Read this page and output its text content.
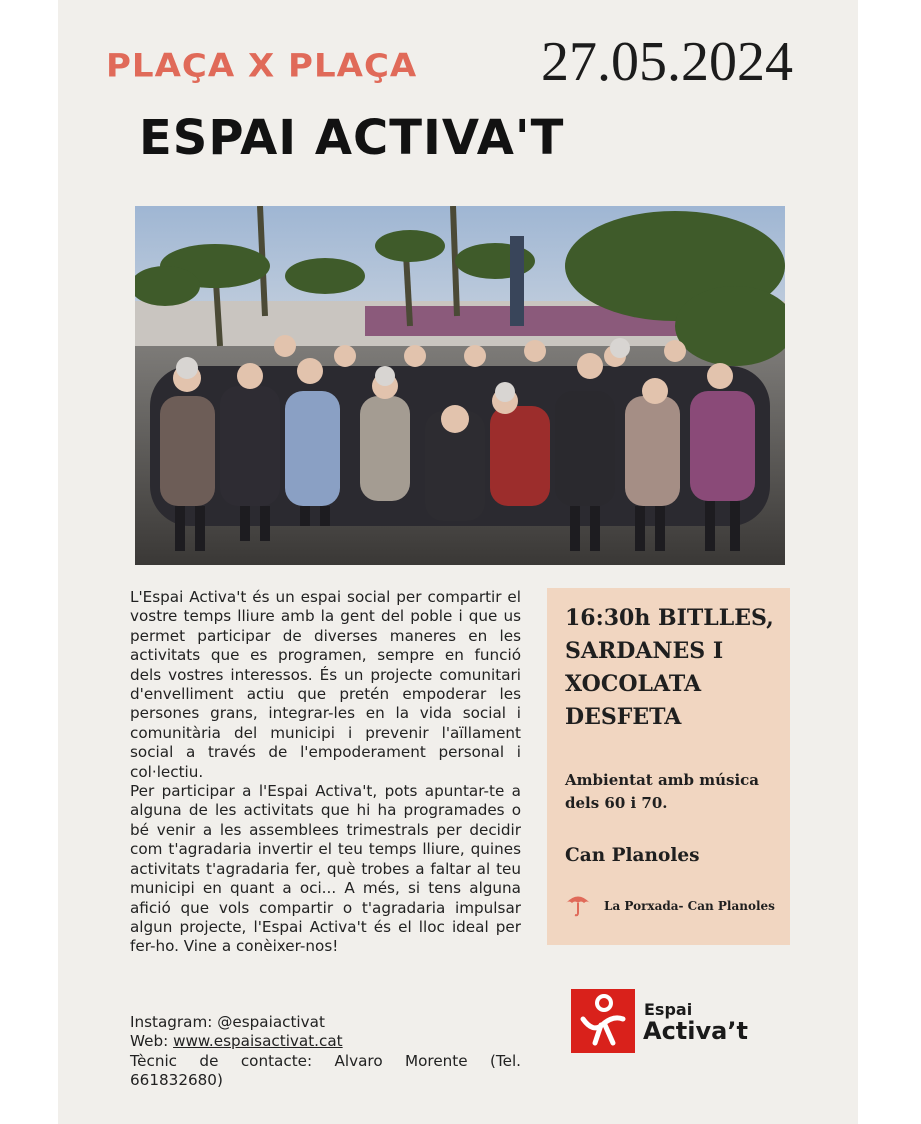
PLAÇA X PLAÇA 27.05.2024
ESPAI ACTIVA'T

L'Espai Activa't és un espai social per compartir el vostre temps lliure amb la gent del poble i que us permet participar de diverses maneres en les activitats que es programen, sempre en funció dels vostres interessos. És un projecte comunitari d'envelliment actiu que pretén empoderar les persones grans, integrar-les en la vida social i comunitària del municipi i prevenir l'aïllament social a través de l'empoderament personal i col·lectiu.

Per participar a l'Espai Activa't, pots apuntar-te a alguna de les activitats que hi ha programades o bé venir a les assemblees trimestrals per decidir com t'agradaria invertir el teu temps lliure, quines activitats t'agradaria fer, què trobes a faltar al teu municipi en quant a oci... A més, si tens alguna afició que vols compartir o t'agradaria impulsar algun projecte, l'Espai Activa't és el lloc ideal per fer-ho. Vine a conèixer-nos!

Instagram: @espaiactivat
Web: www.espaisactivat.cat
Tècnic de contacte: Alvaro Morente (Tel. 661832680)
16:30h BITLLES, SARDANES I XOCOLATA DESFETA
Ambientat amb música dels 60 i 70.
Can Planoles
La Porxada- Can Planoles
Espai
Activa’t
